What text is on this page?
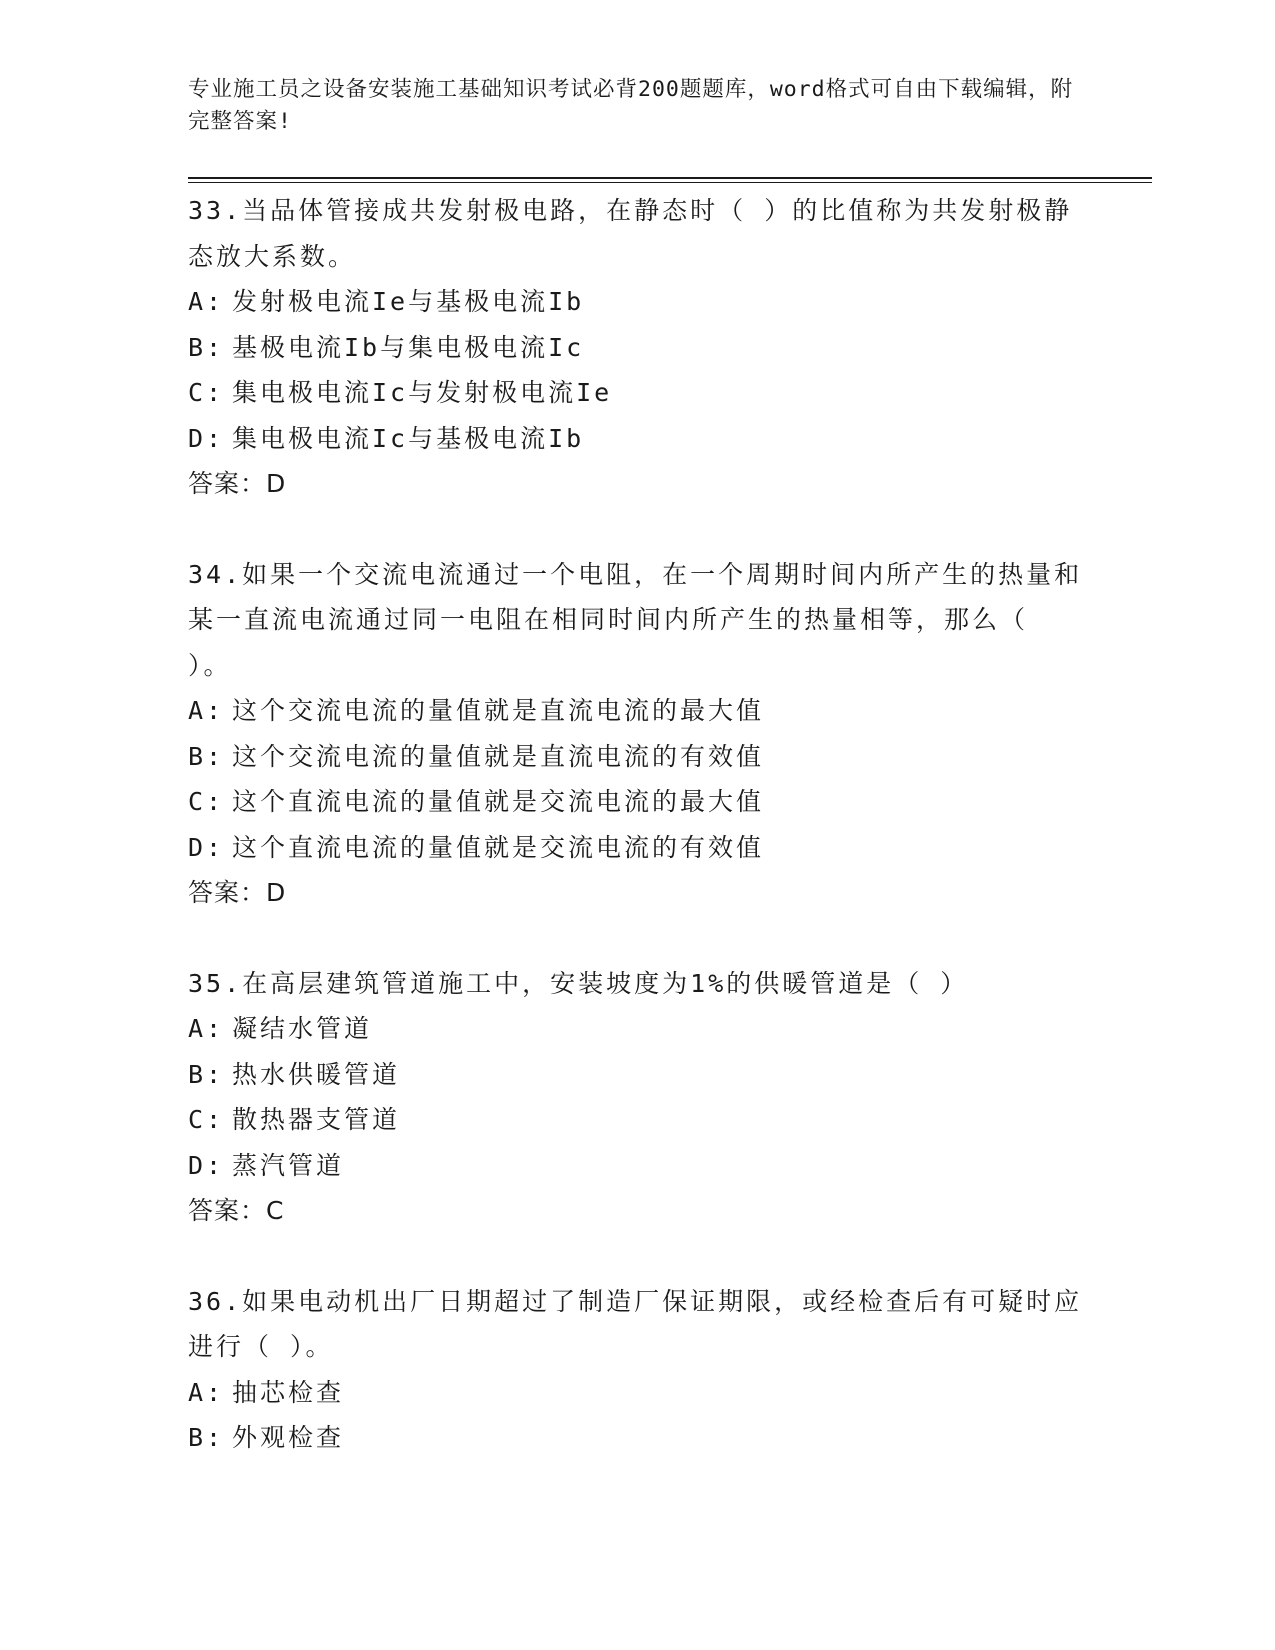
专业施工员之设备安装施工基础知识考试必背200题题库，word格式可自由下载编辑，附完整答案!
33.当品体管接成共发射极电路，在静态时（ ）的比值称为共发射极静态放大系数。
A: 发射极电流Ie与基极电流Ib
B: 基极电流Ib与集电极电流Ic
C: 集电极电流Ic与发射极电流Ie
D: 集电极电流Ic与基极电流Ib
答案：D
34.如果一个交流电流通过一个电阻，在一个周期时间内所产生的热量和某一直流电流通过同一电阻在相同时间内所产生的热量相等，那么（ ）。
A: 这个交流电流的量值就是直流电流的最大值
B: 这个交流电流的量值就是直流电流的有效值
C: 这个直流电流的量值就是交流电流的最大值
D: 这个直流电流的量值就是交流电流的有效值
答案：D
35.在高层建筑管道施工中，安装坡度为1%的供暖管道是（ ）
A: 凝结水管道
B: 热水供暖管道
C: 散热器支管道
D: 蒸汽管道
答案：C
36.如果电动机出厂日期超过了制造厂保证期限，或经检查后有可疑时应进行（ ）。
A: 抽芯检查
B: 外观检查
